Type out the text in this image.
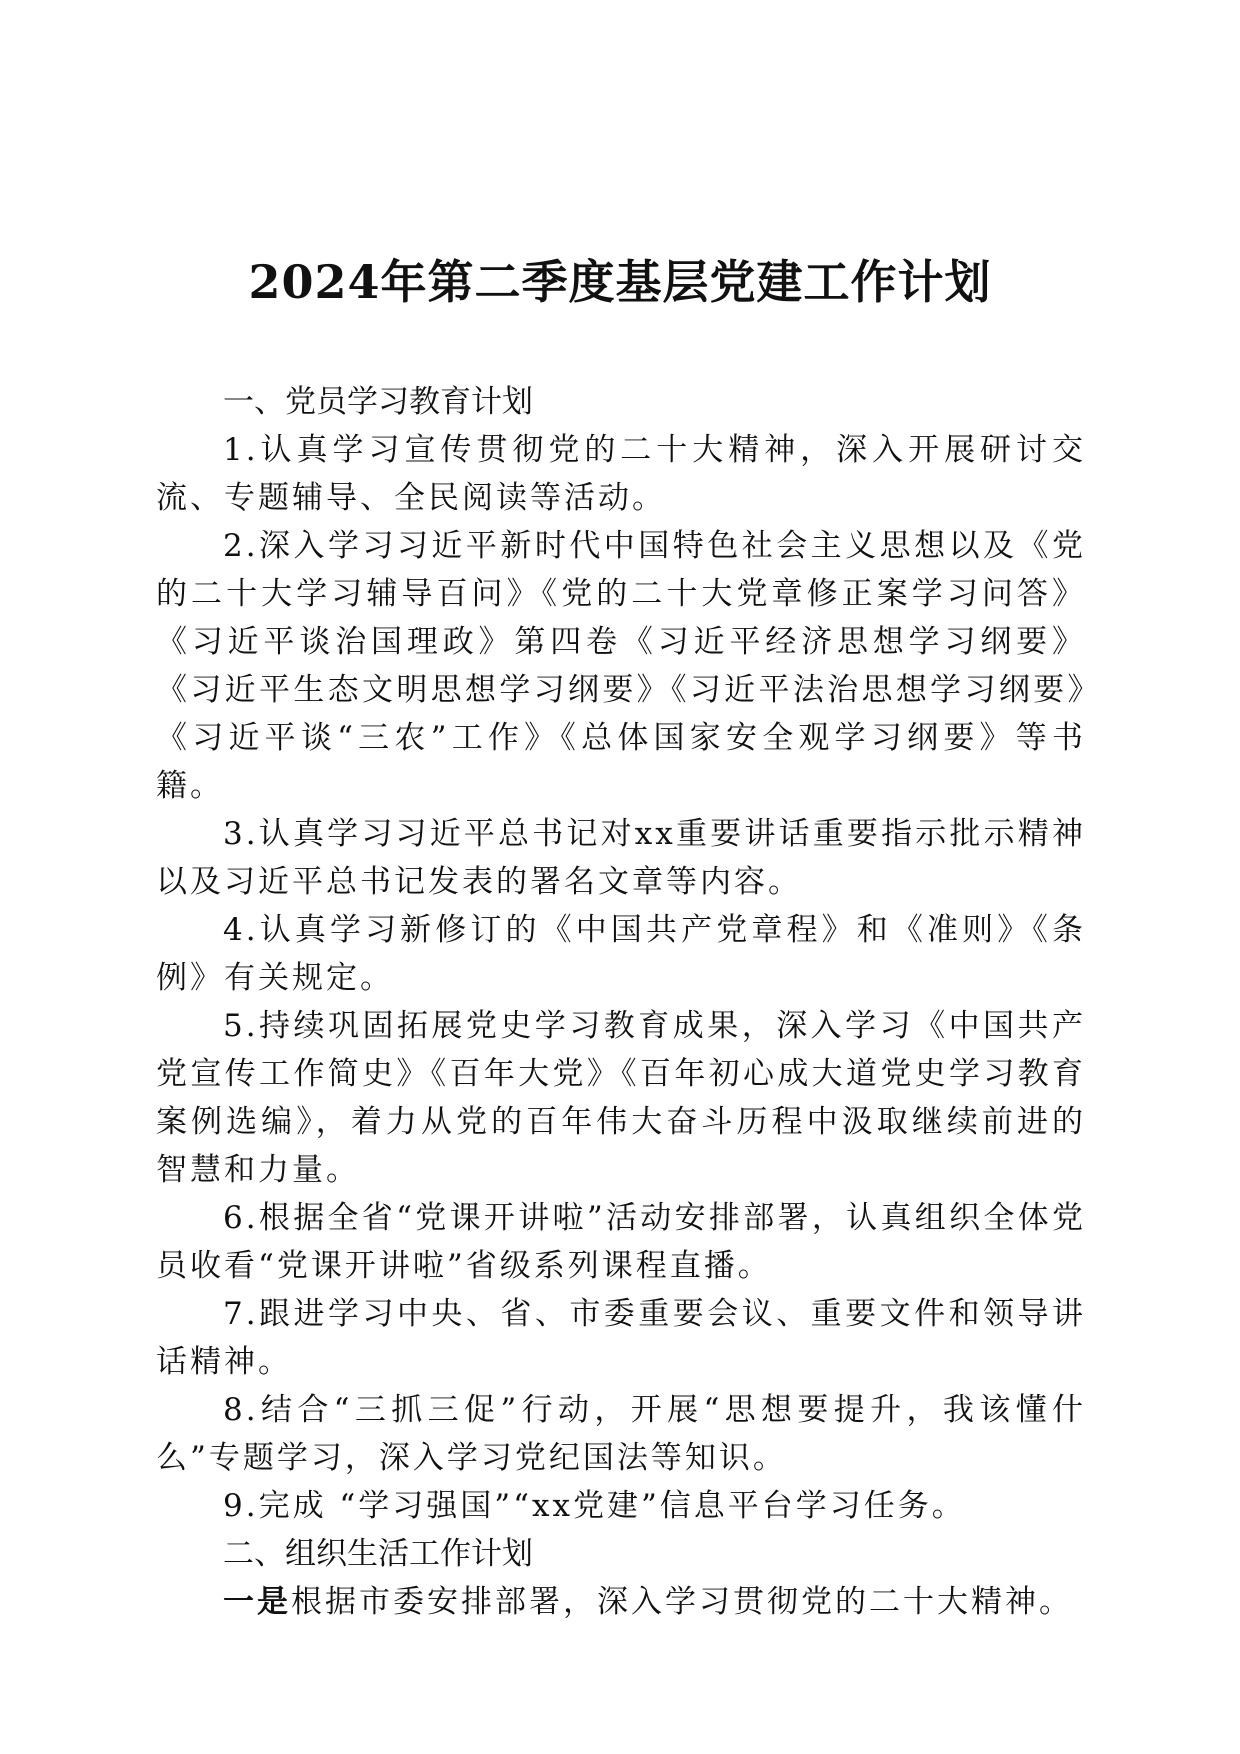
2024年第二季度基层党建工作计划
一、党员学习教育计划

1.认真学习宣传贯彻党的二十大精神，深入开展研讨交流、专题辅导、全民阅读等活动。

2.深入学习习近平新时代中国特色社会主义思想以及《党的二十大学习辅导百问》《党的二十大党章修正案学习问答》《习近平谈治国理政》第四卷《习近平经济思想学习纲要》《习近平生态文明思想学习纲要》《习近平法治思想学习纲要》《习近平谈“三农”工作》《总体国家安全观学习纲要》等书籍。

3.认真学习习近平总书记对xx重要讲话重要指示批示精神以及习近平总书记发表的署名文章等内容。

4.认真学习新修订的《中国共产党章程》和《准则》《条例》有关规定。

5.持续巩固拓展党史学习教育成果，深入学习《中国共产党宣传工作简史》《百年大党》《百年初心成大道党史学习教育案例选编》，着力从党的百年伟大奋斗历程中汲取继续前进的智慧和力量。

6.根据全省“党课开讲啦”活动安排部署，认真组织全体党员收看“党课开讲啦”省级系列课程直播。

7.跟进学习中央、省、市委重要会议、重要文件和领导讲话精神。

8.结合“三抓三促”行动，开展“思想要提升，我该懂什么”专题学习，深入学习党纪国法等知识。

9.完成 “学习强国”“xx党建”信息平台学习任务。

二、组织生活工作计划

一是根据市委安排部署，深入学习贯彻党的二十大精神。
